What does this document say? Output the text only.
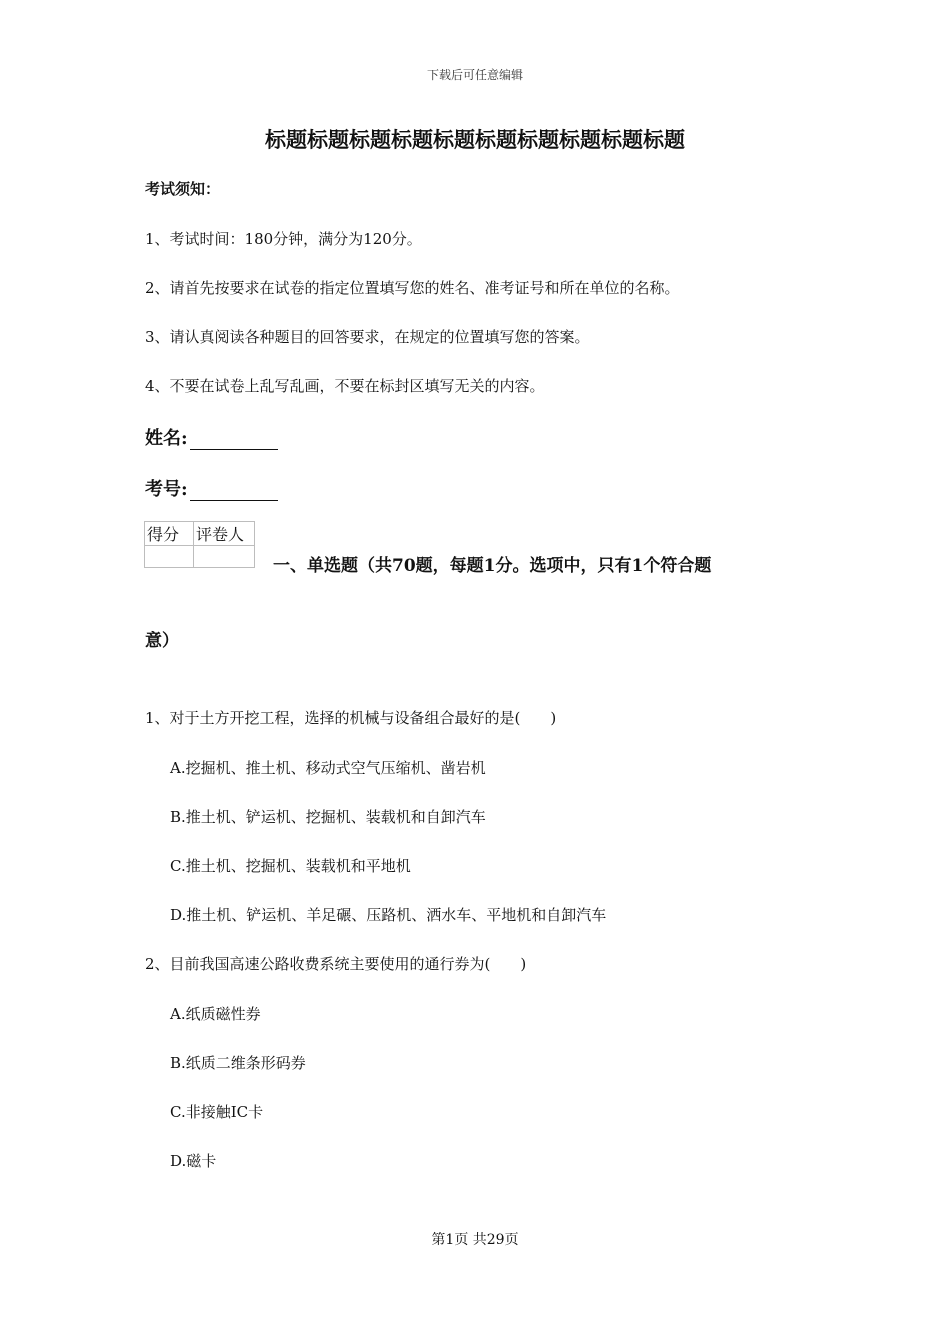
下载后可任意编辑
标题标题标题标题标题标题标题标题标题标题
考试须知：
1、考试时间：180分钟，满分为120分。
2、请首先按要求在试卷的指定位置填写您的姓名、准考证号和所在单位的名称。
3、请认真阅读各种题目的回答要求，在规定的位置填写您的答案。
4、不要在试卷上乱写乱画，不要在标封区填写无关的内容。
姓名:
考号:
得分	评卷人

一、单选题（共70题，每题1分。选项中，只有1个符合题
意）
1、对于土方开挖工程，选择的机械与设备组合最好的是(　　)
A.挖掘机、推土机、移动式空气压缩机、凿岩机
B.推土机、铲运机、挖掘机、装载机和自卸汽车
C.推土机、挖掘机、装载机和平地机
D.推土机、铲运机、羊足碾、压路机、洒水车、平地机和自卸汽车
2、目前我国高速公路收费系统主要使用的通行券为(　　)
A.纸质磁性券
B.纸质二维条形码券
C.非接触IC卡
D.磁卡
第1页 共29页
